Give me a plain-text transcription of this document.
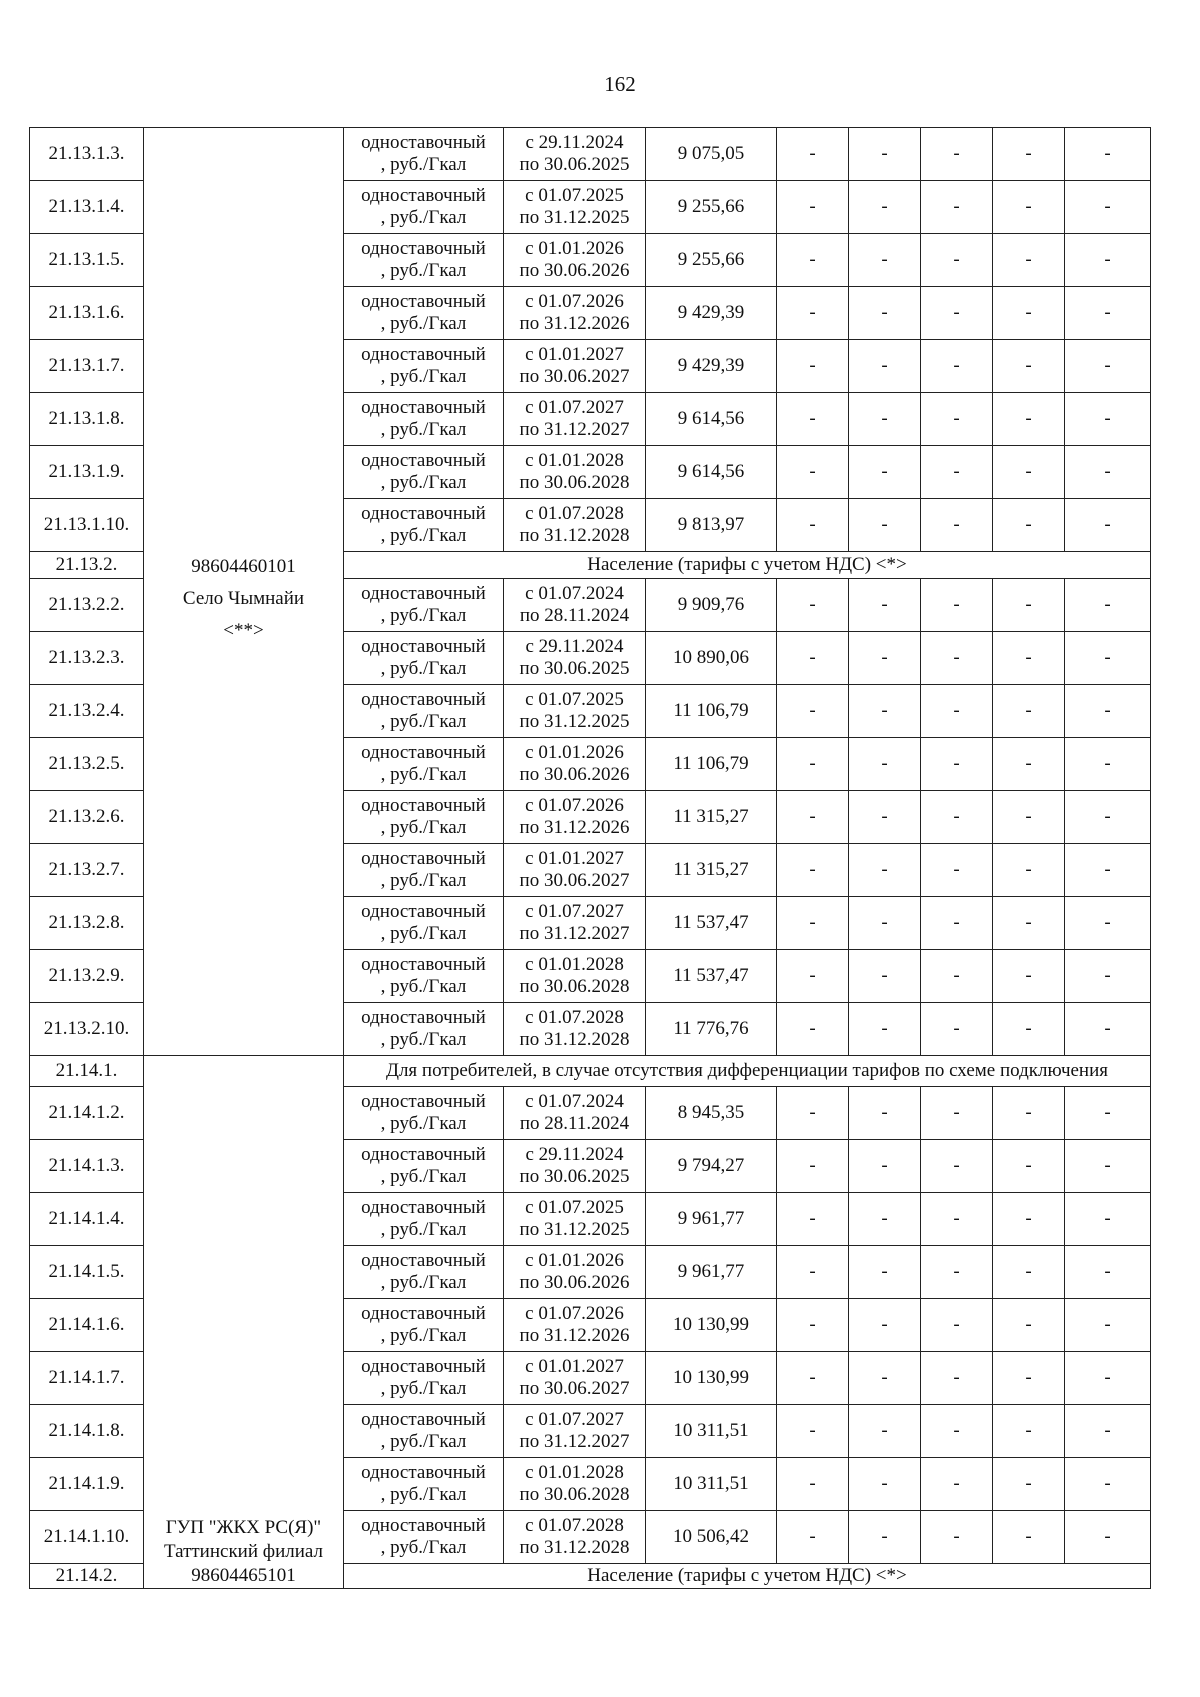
162
21.13.1.3.	98604460101
Село Чымнайи
<**>	одноставочный
, руб./Гкал	с 29.11.2024
по 30.06.2025	9 075,05	-	-	-	-	-
21.13.1.4.		одноставочный
, руб./Гкал	с 01.07.2025
по 31.12.2025	9 255,66	-	-	-	-	-
21.13.1.5.		одноставочный
, руб./Гкал	с 01.01.2026
по 30.06.2026	9 255,66	-	-	-	-	-
21.13.1.6.		одноставочный
, руб./Гкал	с 01.07.2026
по 31.12.2026	9 429,39	-	-	-	-	-
21.13.1.7.		одноставочный
, руб./Гкал	с 01.01.2027
по 30.06.2027	9 429,39	-	-	-	-	-
21.13.1.8.		одноставочный
, руб./Гкал	с 01.07.2027
по 31.12.2027	9 614,56	-	-	-	-	-
21.13.1.9.		одноставочный
, руб./Гкал	с 01.01.2028
по 30.06.2028	9 614,56	-	-	-	-	-
21.13.1.10.		одноставочный
, руб./Гкал	с 01.07.2028
по 31.12.2028	9 813,97	-	-	-	-	-
21.13.2.		Население (тарифы с учетом НДС) <*>							
21.13.2.2.		одноставочный
, руб./Гкал	с 01.07.2024
по 28.11.2024	9 909,76	-	-	-	-	-
21.13.2.3.		одноставочный
, руб./Гкал	с 29.11.2024
по 30.06.2025	10 890,06	-	-	-	-	-
21.13.2.4.		одноставочный
, руб./Гкал	с 01.07.2025
по 31.12.2025	11 106,79	-	-	-	-	-
21.13.2.5.		одноставочный
, руб./Гкал	с 01.01.2026
по 30.06.2026	11 106,79	-	-	-	-	-
21.13.2.6.		одноставочный
, руб./Гкал	с 01.07.2026
по 31.12.2026	11 315,27	-	-	-	-	-
21.13.2.7.		одноставочный
, руб./Гкал	с 01.01.2027
по 30.06.2027	11 315,27	-	-	-	-	-
21.13.2.8.		одноставочный
, руб./Гкал	с 01.07.2027
по 31.12.2027	11 537,47	-	-	-	-	-
21.13.2.9.		одноставочный
, руб./Гкал	с 01.01.2028
по 30.06.2028	11 537,47	-	-	-	-	-
21.13.2.10.		одноставочный
, руб./Гкал	с 01.07.2028
по 31.12.2028	11 776,76	-	-	-	-	-
21.14.1.	ГУП "ЖКХ РС(Я)"
Таттинский филиал
98604465101	Для потребителей, в случае отсутствия дифференциации тарифов по схеме подключения							
21.14.1.2.		одноставочный
, руб./Гкал	с 01.07.2024
по 28.11.2024	8 945,35	-	-	-	-	-
21.14.1.3.		одноставочный
, руб./Гкал	с 29.11.2024
по 30.06.2025	9 794,27	-	-	-	-	-
21.14.1.4.		одноставочный
, руб./Гкал	с 01.07.2025
по 31.12.2025	9 961,77	-	-	-	-	-
21.14.1.5.		одноставочный
, руб./Гкал	с 01.01.2026
по 30.06.2026	9 961,77	-	-	-	-	-
21.14.1.6.		одноставочный
, руб./Гкал	с 01.07.2026
по 31.12.2026	10 130,99	-	-	-	-	-
21.14.1.7.		одноставочный
, руб./Гкал	с 01.01.2027
по 30.06.2027	10 130,99	-	-	-	-	-
21.14.1.8.		одноставочный
, руб./Гкал	с 01.07.2027
по 31.12.2027	10 311,51	-	-	-	-	-
21.14.1.9.		одноставочный
, руб./Гкал	с 01.01.2028
по 30.06.2028	10 311,51	-	-	-	-	-
21.14.1.10.		одноставочный
, руб./Гкал	с 01.07.2028
по 31.12.2028	10 506,42	-	-	-	-	-
21.14.2.		Население (тарифы с учетом НДС) <*>							
